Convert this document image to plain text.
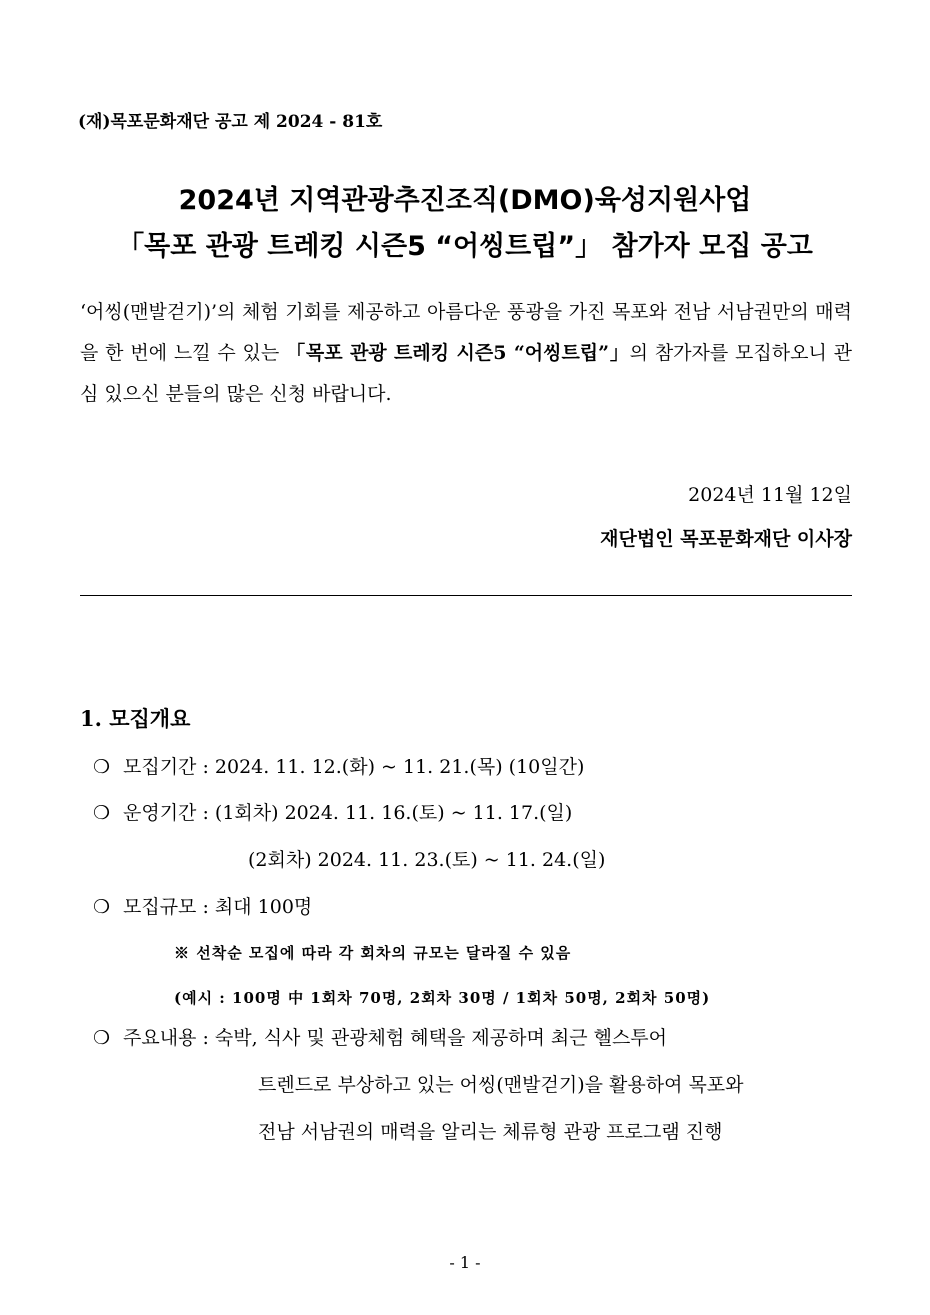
(재)목포문화재단 공고 제 2024 - 81호
2024년 지역관광추진조직(DMO)육성지원사업
「목포 관광 트레킹 시즌5 “어씽트립”」 참가자 모집 공고
‘어씽(맨발걷기)’의 체험 기회를 제공하고 아름다운 풍광을 가진 목포와 전남 서남권만의 매력을 한 번에 느낄 수 있는 「목포 관광 트레킹 시즌5 “어씽트립”」의 참가자를 모집하오니 관심 있으신 분들의 많은 신청 바랍니다.
2024년 11월 12일
재단법인 목포문화재단 이사장
1. 모집개요
❍ 모집기간 : 2024. 11. 12.(화) ~ 11. 21.(목) (10일간)
❍ 운영기간 : (1회차) 2024. 11. 16.(토) ~ 11. 17.(일)
(2회차) 2024. 11. 23.(토) ~ 11. 24.(일)
❍ 모집규모 : 최대 100명
※ 선착순 모집에 따라 각 회차의 규모는 달라질 수 있음
(예시 : 100명 中 1회차 70명, 2회차 30명 / 1회차 50명, 2회차 50명)
❍ 주요내용 : 숙박, 식사 및 관광체험 혜택을 제공하며 최근 헬스투어
트렌드로 부상하고 있는 어씽(맨발걷기)을 활용하여 목포와
전남 서남권의 매력을 알리는 체류형 관광 프로그램 진행
- 1 -
